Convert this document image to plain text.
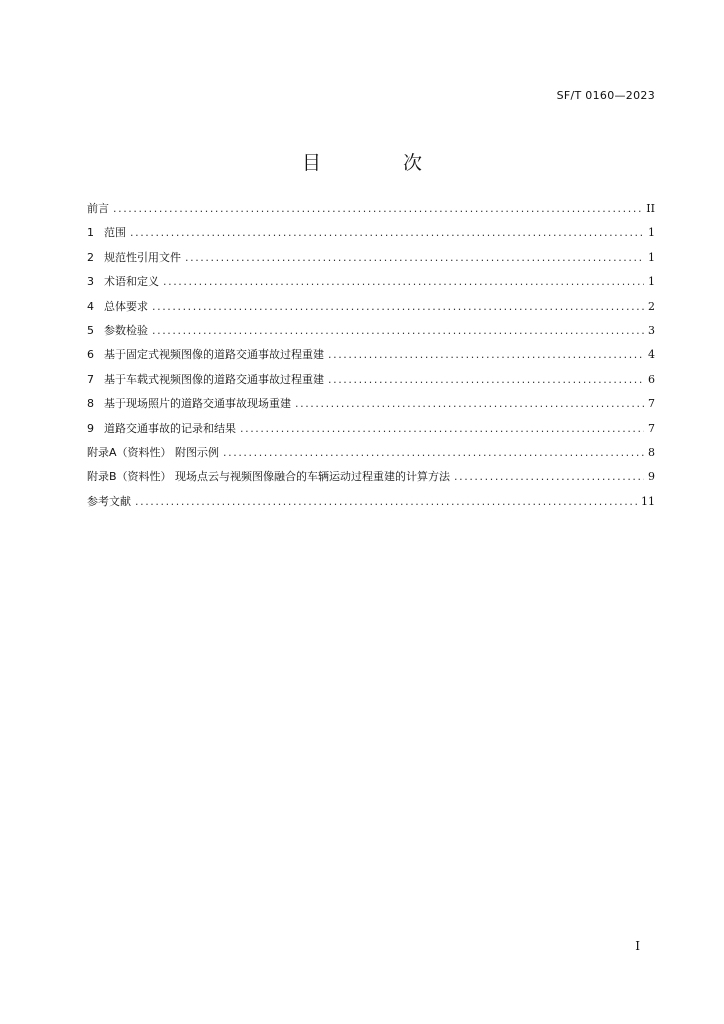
SF/T 0160—2023
目 次
前言 .....	II
1 范围 .....	1
2 规范性引用文件 .....	1
3 术语和定义 .....	1
4 总体要求 .....	2
5 参数检验 .....	3
6 基于固定式视频图像的道路交通事故过程重建 .....	4
7 基于车载式视频图像的道路交通事故过程重建 .....	6
8 基于现场照片的道路交通事故现场重建 .....	7
9 道路交通事故的记录和结果 .....	7
附录A（资料性） 附图示例 .....	8
附录B（资料性） 现场点云与视频图像融合的车辆运动过程重建的计算方法 .....	9
参考文献 .....	11
I
